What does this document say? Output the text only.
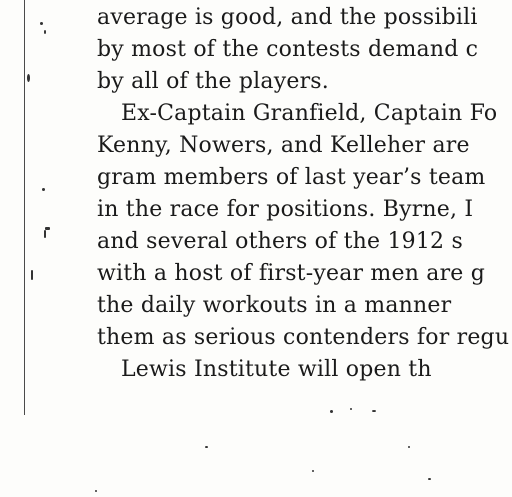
average is good, and the possibili
by most of the contests demand c
by all of the players.
Ex-Captain Granfield, Captain Fo
Kenny, Nowers, and Kelleher are
gram members of last year’s team
in the race for positions. Byrne, I
and several others of the 1912 s
with a host of first-year men are g
the daily workouts in a manner
them as serious contenders for regu
Lewis Institute will open th
